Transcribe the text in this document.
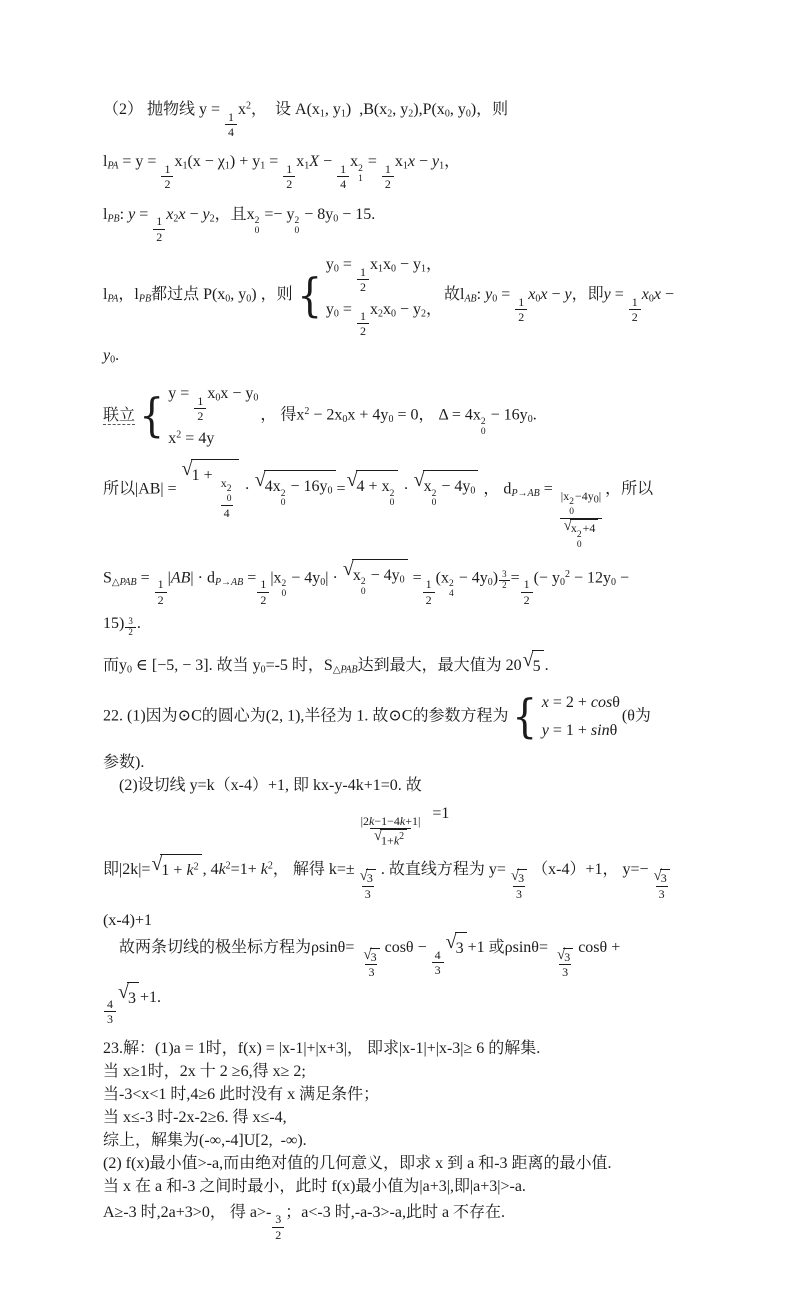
（2） 抛物线 y =
$\frac{1}{4}$
$x^2$，  设 A(x1, y1)  ,B(x2, y2),P(x0, y0)，则
lPA = y =
$\frac{1}{2}$
x1(x − χ1) + y1 =
$\frac{1}{2}$
x1X −
$\frac{1}{4}$
x 2
1
=
$\frac{1}{2}$
x1x − y1，
lPB: y =
$\frac{1}{2}$
x2x − y2，且x 2
0
=− y 2
0
− 8y0 − 15.
lPA，lPB都过点 P(x0, y0) ，则 {
y0 =
$\frac{1}{2}$
x1x0 − y1，
y0 =
$\frac{1}{2}$
x2x0 − y2，
故lAB: y0 =
$\frac{1}{2}$
x0x − y，即y =
$\frac{1}{2}$
x0x −
y0.
联立 { y =
$\frac{1}{2}$
x0x − y0
$x^2 = 4y$
， 得$x^2 - 2x0x + 4y0 = 0$， Δ = 4x 2
0
− 16y0.
所以|AB| =
√ 1 +
x 2
0
4 · √ 4x 2
0
− 16y0 = √ 4 + x 2
0
· √ x 2
0
− 4y0 ， dP→AB =
|x 2
0
$-4y_0|$
√ x 2
0
+4
，所以
S△PAB =
$\frac{1}{2}$
|AB| · dP→AB =
$\frac{1}{2}$
|x 2
0
− 4y0| · √ x 2
0
− 4y0 =
$\frac{1}{2}$
(x 2
4
− $4y0) \frac{3}{2}$ =
$\frac{1}{2}$
(− $y0^2 - 12y0$ −
$15) \frac{3}{2}$ .
而y0 ∈ [−5, − 3]. 故当 y0=-5 时，S△PAB达到最大，最大值为 20 √ 5 .
22. (1)因为⊙C的圆心为(2, 1),半径为 1. 故⊙C的参数方程为 { x = 2 + cosθ
y = 1 + sinθ
(θ为
参数).
　(2)设切线 y=k（x-4）+1, 即 kx-y-4k+1=0. 故
$\frac{|2k-1-4k+1|}{√ 1+k^2}$
=1
即|2k|= √ $1 + k^2$ , $4k^2=1+ k^2$， 解得 k=±
$\frac{√ 3}{3}$
. 故直线方程为 y=
$\frac{√ 3}{3}$
（x-4）+1， y=−
$\frac{√ 3}{3}$
(x-4)+1
　故两条切线的极坐标方程为ρsinθ=
$\frac{√ 3}{3}$
cosθ −
$\frac{4}{3}$
√ 3 +1 或ρsinθ=
$\frac{√ 3}{3}$
cosθ +
$\frac{4}{3}$
√ 3 +1.
23.解：(1)a = 1时，f(x) = |x-1|+|x+3|， 即求|x-1|+|x-3|≥ 6 的解集.
当 x≥1时，2x 十 2 ≥6,得 x≥ 2;
当-3<x<1 时,4≥6 此时没有 x 满足条件；
当 x≤-3 时-2x-2≥6. 得 x≤-4,
综上，解集为(-∞,-4]U[2,  -∞).
(2) f(x)最小值>-a,而由绝对值的几何意义，即求 x 到 a 和-3 距离的最小值.
当 x 在 a 和-3 之间时最小，此时 f(x)最小值为|a+3|,即|a+3|>-a.
A≥-3 时,2a+3>0， 得 a>-
$\frac{3}{2}$
；a<-3 时,-a-3>-a,此时 a 不存在.
